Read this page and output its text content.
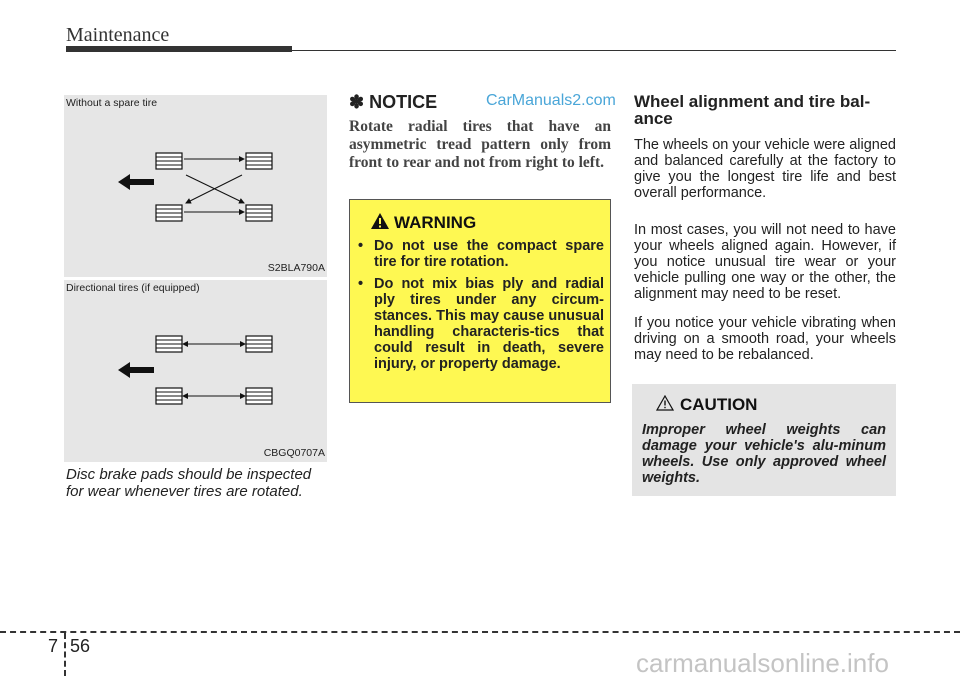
Maintenance
Without a spare tire
S2BLA790A
Directional tires (if equipped)
CBGQ0707A
Disc brake pads should be inspected for wear whenever tires are rotated.
✽ NOTICE	CarManuals2.com
Rotate radial tires that have an asymmetric tread pattern only from front to rear and not from right to left.
WARNING
• Do not use the compact spare tire for tire rotation.
• Do not mix bias ply and radial ply tires under any circum-stances. This may cause unusual handling characteris-tics that could result in death, severe injury, or property damage.
Wheel alignment and tire bal-ance
The wheels on your vehicle were aligned and balanced carefully at the factory to give you the longest tire life and best overall performance.
In most cases, you will not need to have your wheels aligned again. However, if you notice unusual tire wear or your vehicle pulling one way or the other, the alignment may need to be reset.
If you notice your vehicle vibrating when driving on a smooth road, your wheels may need to be rebalanced.
CAUTION
Improper wheel weights can damage your vehicle's alu-minum wheels. Use only approved wheel weights.
7 56
carmanualsonline.info
